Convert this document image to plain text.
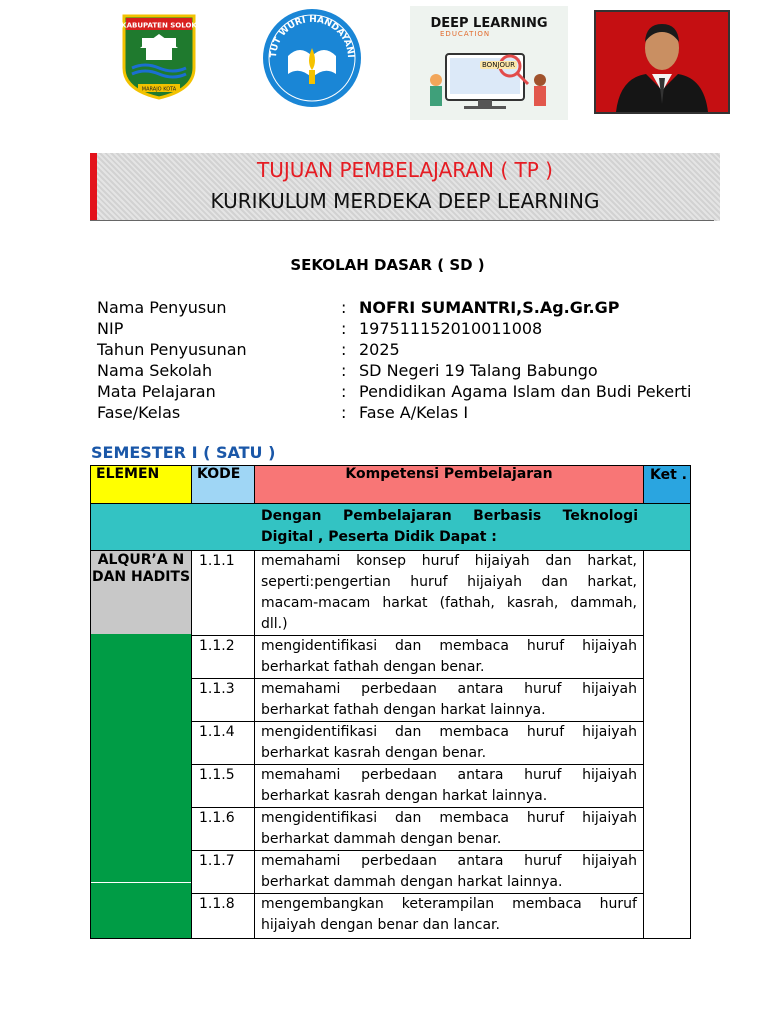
KABUPATEN SOLOK
MARAJO KOTA
TUT WURI HANDAYANI
DEEP LEARNING
EDUCATION
BONJOUR
TUJUAN PEMBELAJARAN ( TP )
KURIKULUM MERDEKA DEEP LEARNING
SEKOLAH DASAR ( SD )
Nama Penyusun	: NOFRI SUMANTRI,S.Ag.Gr.GP
NIP	: 197511152010011008
Tahun Penyusunan	: 2025
Nama Sekolah	: SD Negeri 19 Talang Babungo
Mata Pelajaran	: Pendidikan Agama Islam dan Budi Pekerti
Fase/Kelas	: Fase A/Kelas I
SEMESTER I ( SATU )
ELEMEN	KODE	Kompetensi Pembelajaran	Ket .

Dengan Pembelajaran Berbasis Teknologi Digital , Peserta Didik Dapat :			

ALQUR’A N DAN HADITS	1.1.1	memahami konsep huruf hijaiyah dan harkat, seperti:pengertian huruf hijaiyah dan harkat, macam-macam harkat (fathah, kasrah, dammah, dll.)	
	1.1.2	mengidentifikasi dan membaca huruf hijaiyah berharkat fathah dengan benar.	
	1.1.3	memahami perbedaan antara huruf hijaiyah berharkat fathah dengan harkat lainnya.	
	1.1.4	mengidentifikasi dan membaca huruf hijaiyah berharkat kasrah dengan benar.	
	1.1.5	memahami perbedaan antara huruf hijaiyah berharkat kasrah dengan harkat lainnya.	
	1.1.6	mengidentifikasi dan membaca huruf hijaiyah berharkat dammah dengan benar.	
	1.1.7	memahami perbedaan antara huruf hijaiyah berharkat dammah dengan harkat lainnya.	
	1.1.8	mengembangkan keterampilan membaca huruf hijaiyah dengan benar dan lancar.	
